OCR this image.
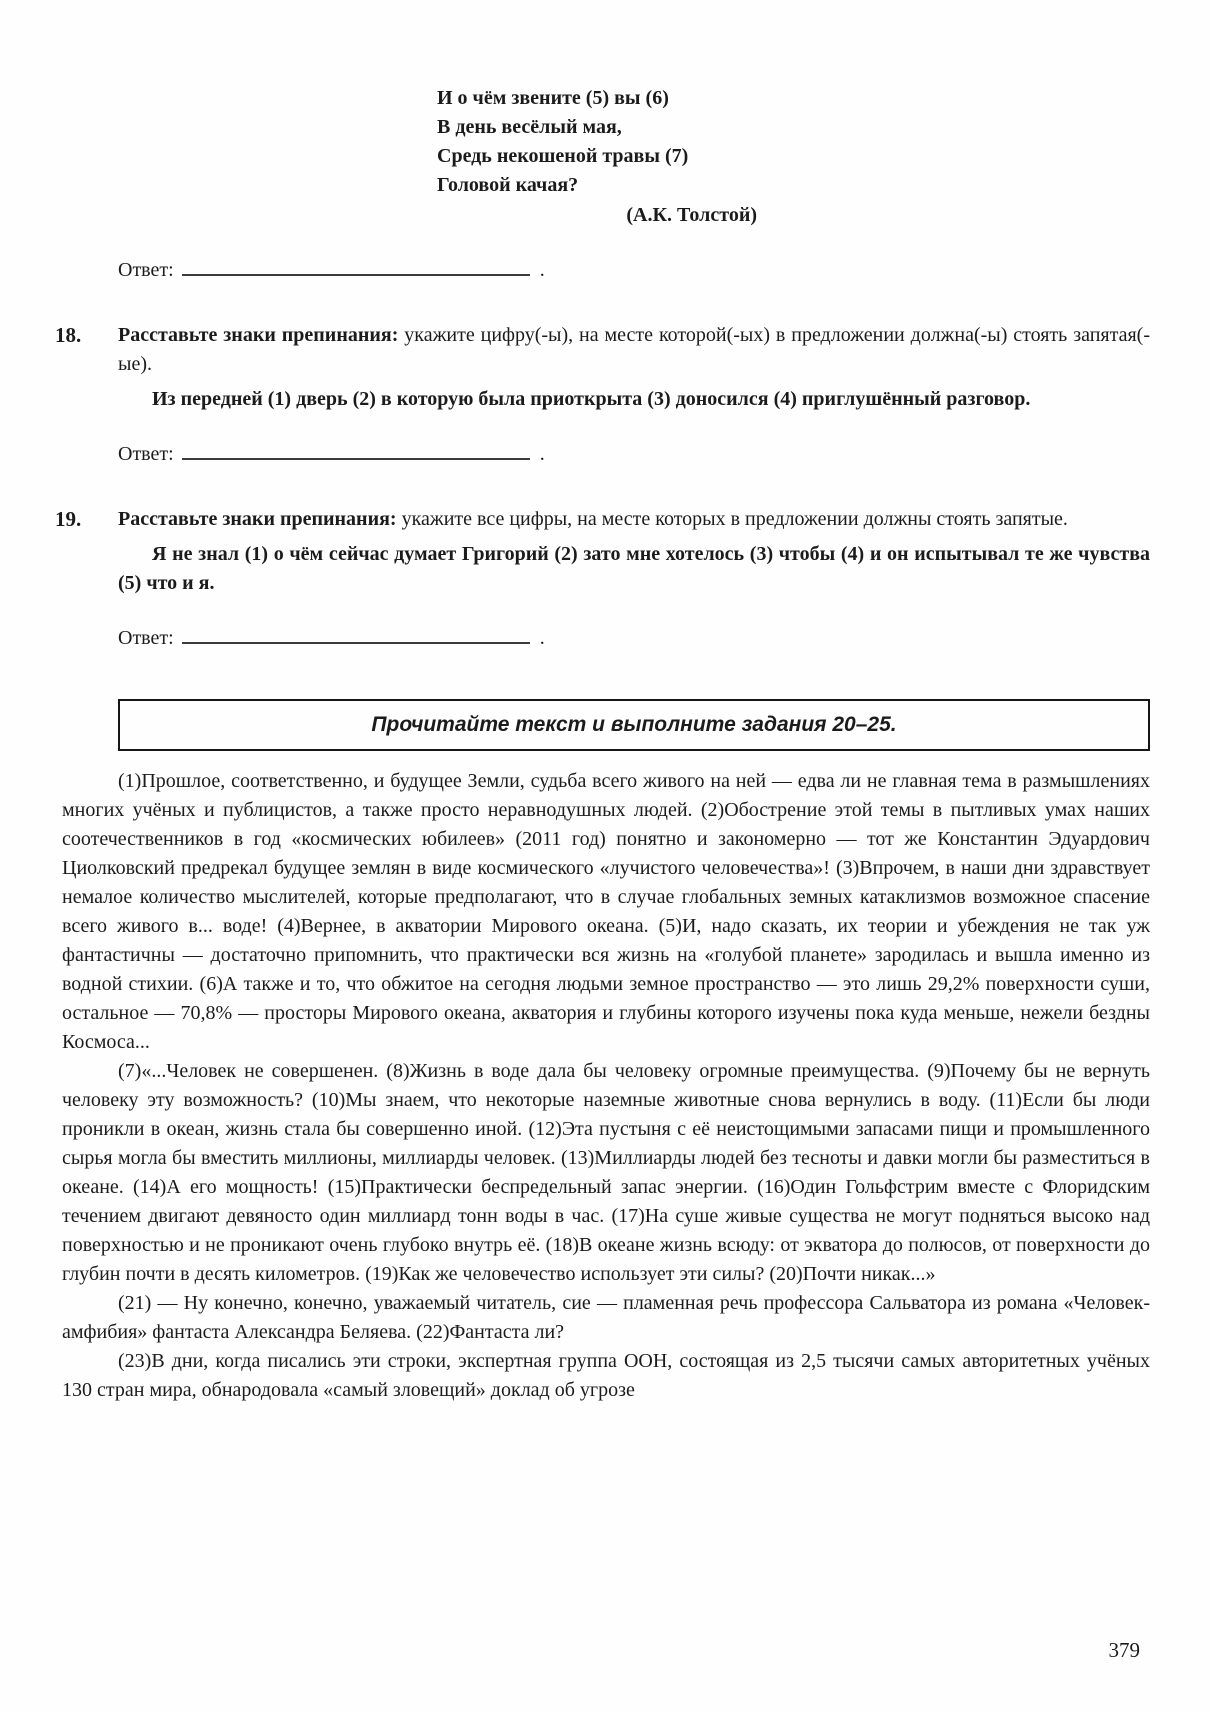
И о чём звените (5) вы (6)
В день весёлый мая,
Средь некошеной травы (7)
Головой качая?
(А.К. Толстой)
Ответ:	.
18.	Расставьте знаки препинания: укажите цифру(-ы), на месте которой(-ых) в предложении должна(-ы) стоять запятая(-ые).

Из передней (1) дверь (2) в которую была приоткрыта (3) доносился (4) приглушённый разговор.

Ответ:	.
19.	Расставьте знаки препинания: укажите все цифры, на месте которых в предложении должны стоять запятые.

Я не знал (1) о чём сейчас думает Григорий (2) зато мне хотелось (3) чтобы (4) и он испытывал те же чувства (5) что и я.

Ответ:	.
Прочитайте текст и выполните задания 20–25.

(1)Прошлое, соответственно, и будущее Земли, судьба всего живого на ней — едва ли не главная тема в размышлениях многих учёных и публицистов, а также просто неравнодушных людей. (2)Обострение этой темы в пытливых умах наших соотечественников в год «космических юбилеев» (2011 год) понятно и закономерно — тот же Константин Эдуардович Циолковский предрекал будущее землян в виде космического «лучистого человечества»! (3)Впрочем, в наши дни здравствует немалое количество мыслителей, которые предполагают, что в случае глобальных земных катаклизмов возможное спасение всего живого в... воде! (4)Вернее, в акватории Мирового океана. (5)И, надо сказать, их теории и убеждения не так уж фантастичны — достаточно припомнить, что практически вся жизнь на «голубой планете» зародилась и вышла именно из водной стихии. (6)А также и то, что обжитое на сегодня людьми земное пространство — это лишь 29,2% поверхности суши, остальное — 70,8% — просторы Мирового океана, акватория и глубины которого изучены пока куда меньше, нежели бездны Космоса...

(7)«...Человек не совершенен. (8)Жизнь в воде дала бы человеку огромные преимущества. (9)Почему бы не вернуть человеку эту возможность? (10)Мы знаем, что некоторые наземные животные снова вернулись в воду. (11)Если бы люди проникли в океан, жизнь стала бы совершенно иной. (12)Эта пустыня с её неистощимыми запасами пищи и промышленного сырья могла бы вместить миллионы, миллиарды человек. (13)Миллиарды людей без тесноты и давки могли бы разместиться в океане. (14)А его мощность! (15)Практически беспредельный запас энергии. (16)Один Гольфстрим вместе с Флоридским течением двигают девяносто один миллиард тонн воды в час. (17)На суше живые существа не могут подняться высоко над поверхностью и не проникают очень глубоко внутрь её. (18)В океане жизнь всюду: от экватора до полюсов, от поверхности до глубин почти в десять километров. (19)Как же человечество использует эти силы? (20)Почти никак...»

(21) — Ну конечно, конечно, уважаемый читатель, сие — пламенная речь профессора Сальватора из романа «Человек-амфибия» фантаста Александра Беляева. (22)Фантаста ли?

(23)В дни, когда писались эти строки, экспертная группа ООН, состоящая из 2,5 тысячи самых авторитетных учёных 130 стран мира, обнародовала «самый зловещий» доклад об угрозе

379
